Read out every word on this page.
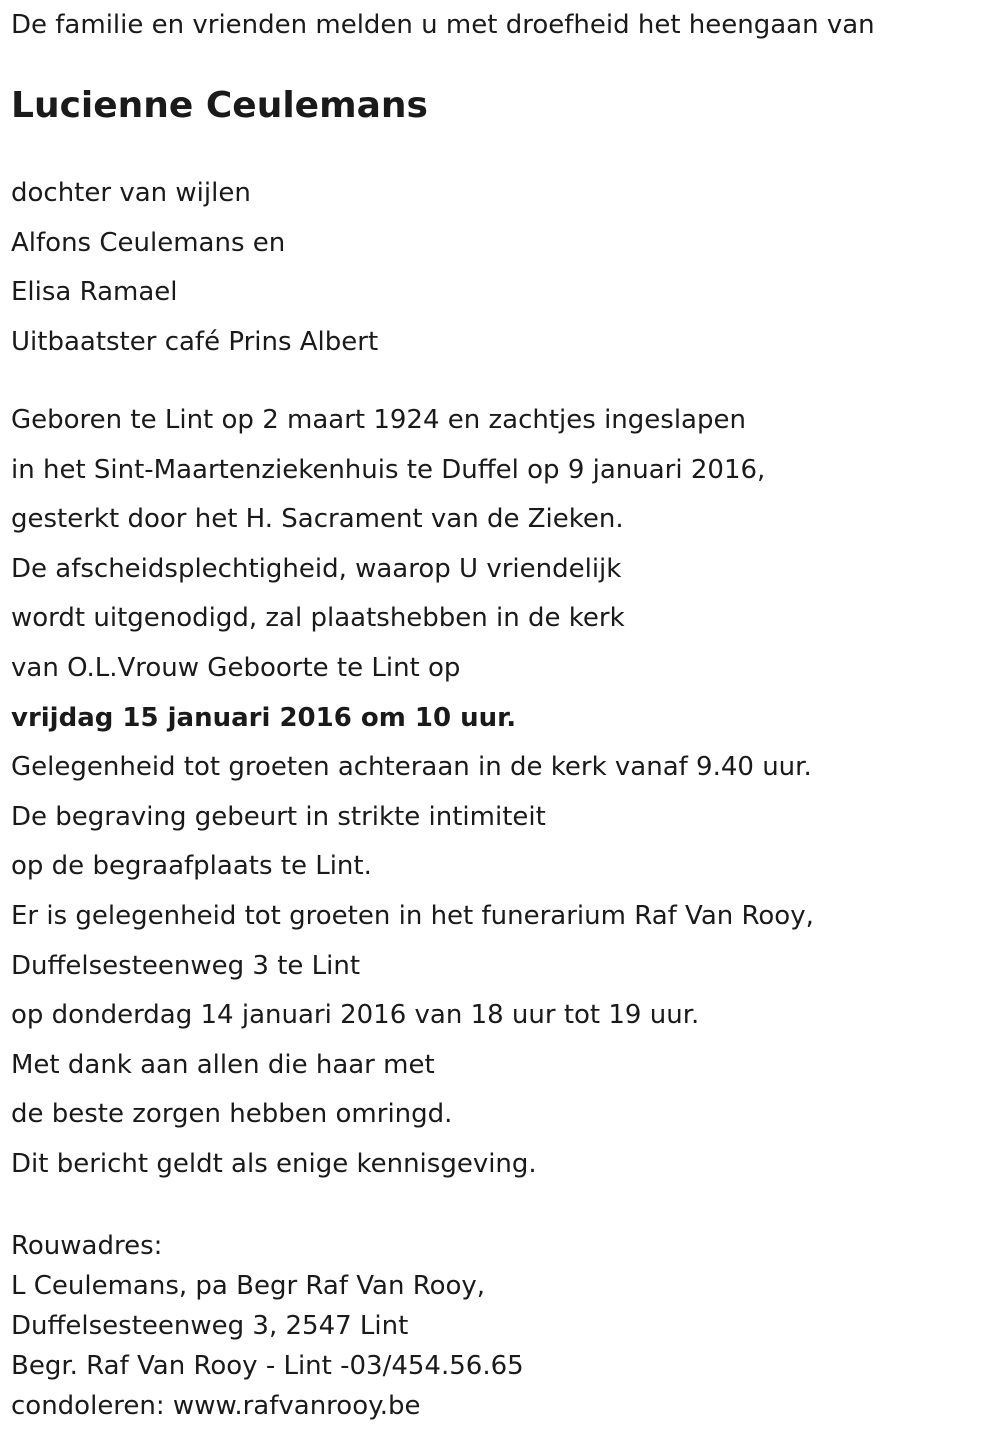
De familie en vrienden melden u met droefheid het heengaan van
Lucienne Ceulemans
dochter van wijlen
Alfons Ceulemans en
Elisa Ramael
Uitbaatster café Prins Albert
Geboren te Lint op 2 maart 1924 en zachtjes ingeslapen
in het Sint-Maartenziekenhuis te Duffel op 9 januari 2016,
gesterkt door het H. Sacrament van de Zieken.
De afscheidsplechtigheid, waarop U vriendelijk
wordt uitgenodigd, zal plaatshebben in de kerk
van O.L.Vrouw Geboorte te Lint op
vrijdag 15 januari 2016 om 10 uur.
Gelegenheid tot groeten achteraan in de kerk vanaf 9.40 uur.
De begraving gebeurt in strikte intimiteit
op de begraafplaats te Lint.
Er is gelegenheid tot groeten in het funerarium Raf Van Rooy,
Duffelsesteenweg 3 te Lint
op donderdag 14 januari 2016 van 18 uur tot 19 uur.
Met dank aan allen die haar met
de beste zorgen hebben omringd.
Dit bericht geldt als enige kennisgeving.
Rouwadres:
L Ceulemans, pa Begr Raf Van Rooy,
Duffelsesteenweg 3, 2547 Lint
Begr. Raf Van Rooy - Lint -03/454.56.65
condoleren: www.rafvanrooy.be
